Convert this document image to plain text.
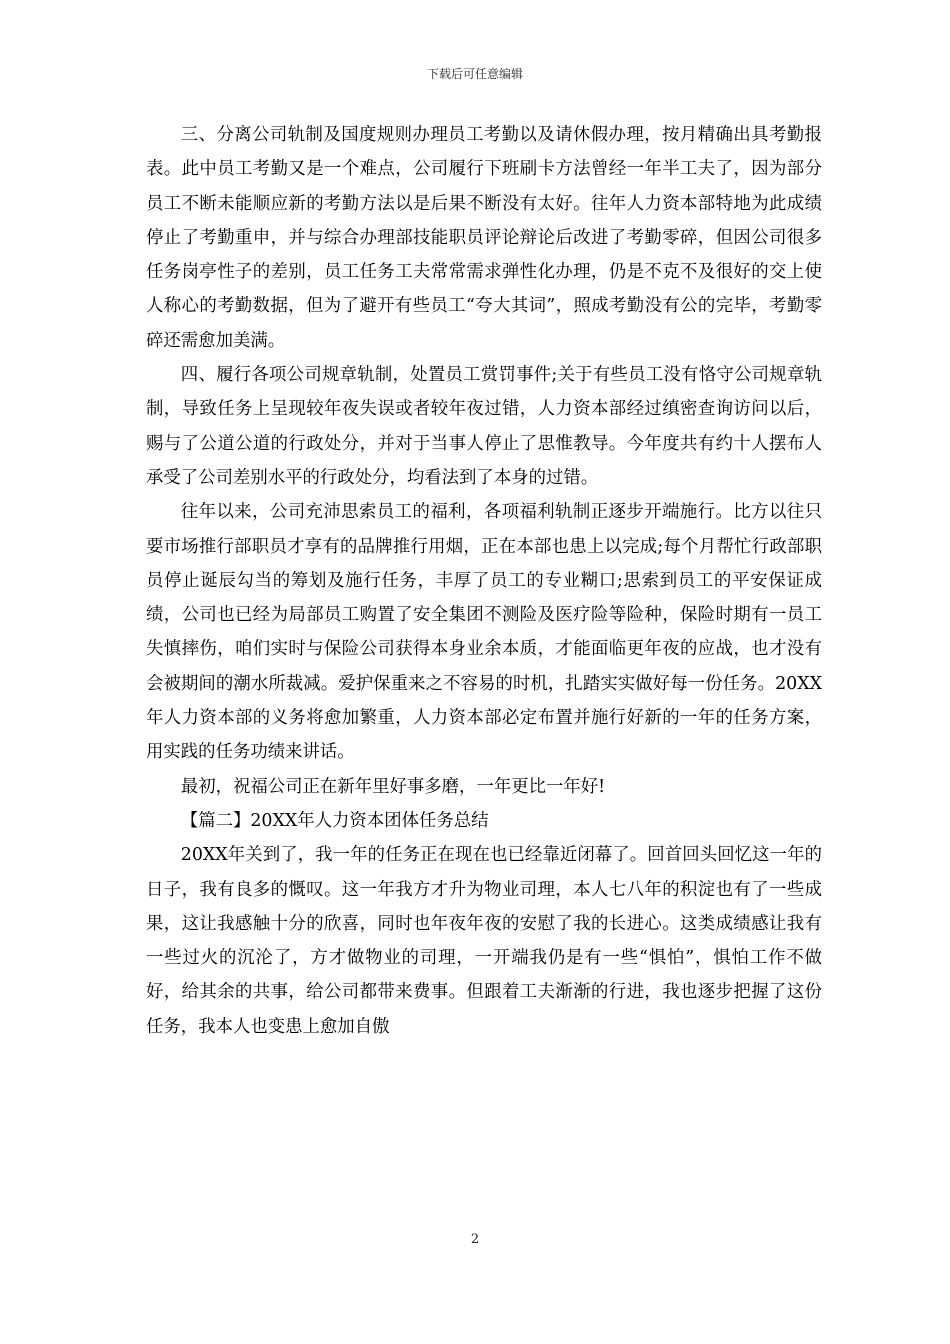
下载后可任意编辑

三、分离公司轨制及国度规则办理员工考勤以及请休假办理，按月精确出具考勤报表。此中员工考勤又是一个难点，公司履行下班刷卡方法曾经一年半工夫了，因为部分员工不断未能顺应新的考勤方法以是后果不断没有太好。往年人力资本部特地为此成绩停止了考勤重申，并与综合办理部技能职员评论辩论后改进了考勤零碎，但因公司很多任务岗亭性子的差别，员工任务工夫常常需求弹性化办理，仍是不克不及很好的交上使人称心的考勤数据，但为了避开有些员工“夸大其词”，照成考勤没有公的完毕，考勤零碎还需愈加美满。

四、履行各项公司规章轨制，处置员工赏罚事件;关于有些员工没有恪守公司规章轨制，导致任务上呈现较年夜失误或者较年夜过错，人力资本部经过缜密查询访问以后，赐与了公道公道的行政处分，并对于当事人停止了思惟教导。今年度共有约十人摆布人承受了公司差别水平的行政处分，均看法到了本身的过错。

往年以来，公司充沛思索员工的福利，各项福利轨制正逐步开端施行。比方以往只要市场推行部职员才享有的品牌推行用烟，正在本部也患上以完成;每个月帮忙行政部职员停止诞辰勾当的筹划及施行任务，丰厚了员工的专业糊口;思索到员工的平安保证成绩，公司也已经为局部员工购置了安全集团不测险及医疗险等险种，保险时期有一员工失慎摔伤，咱们实时与保险公司获得本身业余本质，才能面临更年夜的应战，也才没有会被期间的潮水所裁减。爱护保重来之不容易的时机，扎踏实实做好每一份任务。20XX年人力资本部的义务将愈加繁重，人力资本部必定布置并施行好新的一年的任务方案，用实践的任务功绩来讲话。

最初，祝福公司正在新年里好事多磨，一年更比一年好!

【篇二】20XX年人力资本团体任务总结

20XX年关到了，我一年的任务正在现在也已经靠近闭幕了。回首回头回忆这一年的日子，我有良多的慨叹。这一年我方才升为物业司理，本人七八年的积淀也有了一些成果，这让我感触十分的欣喜，同时也年夜年夜的安慰了我的长进心。这类成绩感让我有一些过火的沉沦了，方才做物业的司理，一开端我仍是有一些“惧怕”，惧怕工作不做好，给其余的共事，给公司都带来费事。但跟着工夫渐渐的行进，我也逐步把握了这份任务，我本人也变患上愈加自傲

2
